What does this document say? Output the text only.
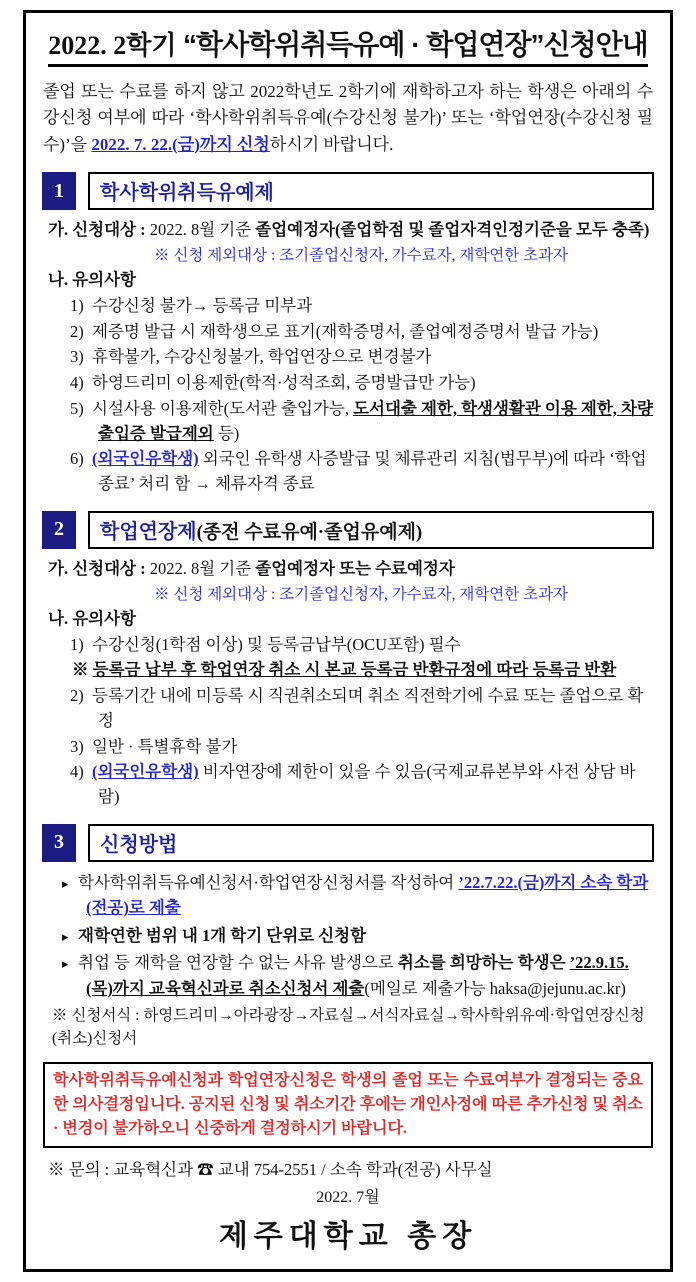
2022. 2학기 “학사학위취득유예 · 학업연장”신청안내

졸업 또는 수료를 하지 않고 2022학년도 2학기에 재학하고자 하는 학생은 아래의 수강신청 여부에 따라 ‘학사학위취득유예(수강신청 불가)’ 또는 ‘학업연장(수강신청 필수)’을 2022. 7. 22.(금)까지 신청하시기 바랍니다.

1	학사학위취득유예제
가. 신청대상 : 2022. 8월 기준 졸업예정자(졸업학점 및 졸업자격인정기준을 모두 충족)
※ 신청 제외대상 : 조기졸업신청자, 가수료자, 재학연한 초과자
나. 유의사항
1) 수강신청 불가→ 등록금 미부과
2) 제증명 발급 시 재학생으로 표기(재학증명서, 졸업예정증명서 발급 가능)
3) 휴학불가, 수강신청불가, 학업연장으로 변경불가
4) 하영드리미 이용제한(학적·성적조회, 증명발급만 가능)
5) 시설사용 이용제한(도서관 출입가능, 도서대출 제한, 학생생활관 이용 제한, 차량출입증 발급제외 등)
6) (외국인유학생) 외국인 유학생 사증발급 및 체류관리 지침(법무부)에 따라 ‘학업종료’ 처리 함 → 체류자격 종료
2	학업연장제(종전 수료유예·졸업유예제)
가. 신청대상 : 2022. 8월 기준 졸업예정자 또는 수료예정자
※ 신청 제외대상 : 조기졸업신청자, 가수료자, 재학연한 초과자
나. 유의사항
1) 수강신청(1학점 이상) 및 등록금납부(OCU포함) 필수
※ 등록금 납부 후 학업연장 취소 시 본교 등록금 반환규정에 따라 등록금 반환
2) 등록기간 내에 미등록 시 직권취소되며 취소 직전학기에 수료 또는 졸업으로 확정
3) 일반 · 특별휴학 불가
4) (외국인유학생) 비자연장에 제한이 있을 수 있음(국제교류본부와 사전 상담 바람)
3	신청방법
▸ 학사학위취득유예신청서·학업연장신청서를 작성하여 ’22.7.22.(금)까지 소속 학과(전공)로 제출
▸ 재학연한 범위 내 1개 학기 단위로 신청함
▸ 취업 등 재학을 연장할 수 없는 사유 발생으로 취소를 희망하는 학생은 ’22.9.15.(목)까지 교육혁신과로 취소신청서 제출(메일로 제출가능 haksa@jejunu.ac.kr)
※ 신청서식 : 하영드리미→아라광장→자료실→서식자료실→학사학위유예·학업연장신청(취소)신청서
학사학위취득유예신청과 학업연장신청은 학생의 졸업 또는 수료여부가 결정되는 중요한 의사결정입니다. 공지된 신청 및 취소기간 후에는 개인사정에 따른 추가신청 및 취소 · 변경이 불가하오니 신중하게 결정하시기 바랍니다.
※ 문의 : 교육혁신과 ☎ 교내 754-2551 / 소속 학과(전공) 사무실
2022. 7월
제주대학교 총장
